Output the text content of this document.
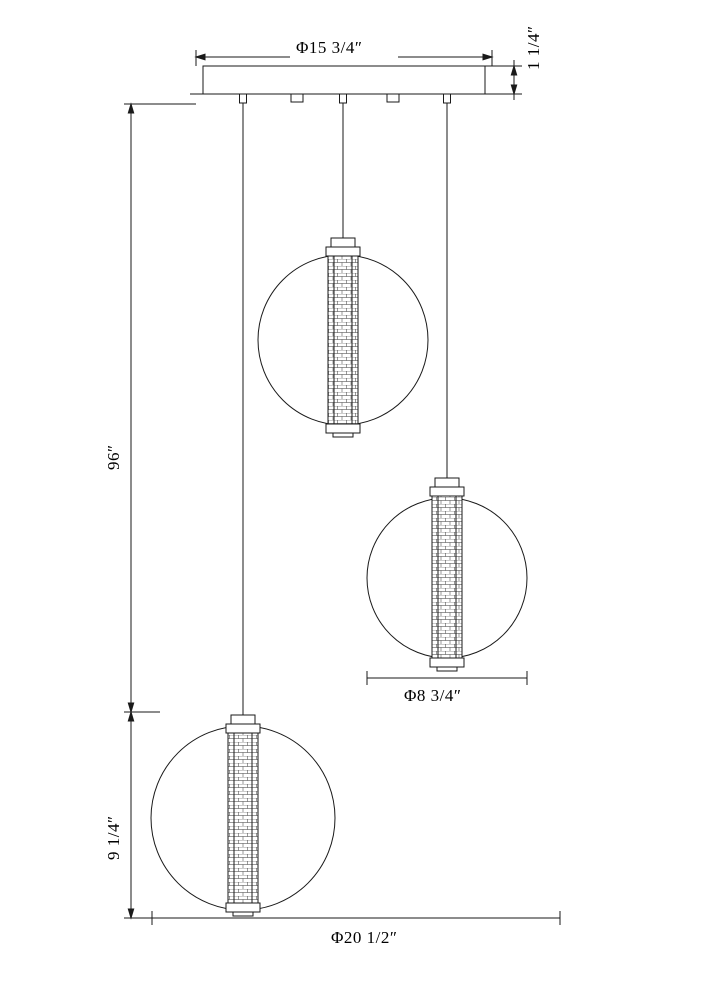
Φ15 3/4″	1 1/4″
96″
9 1/4″
Φ8 3/4″
Φ20 1/2″
